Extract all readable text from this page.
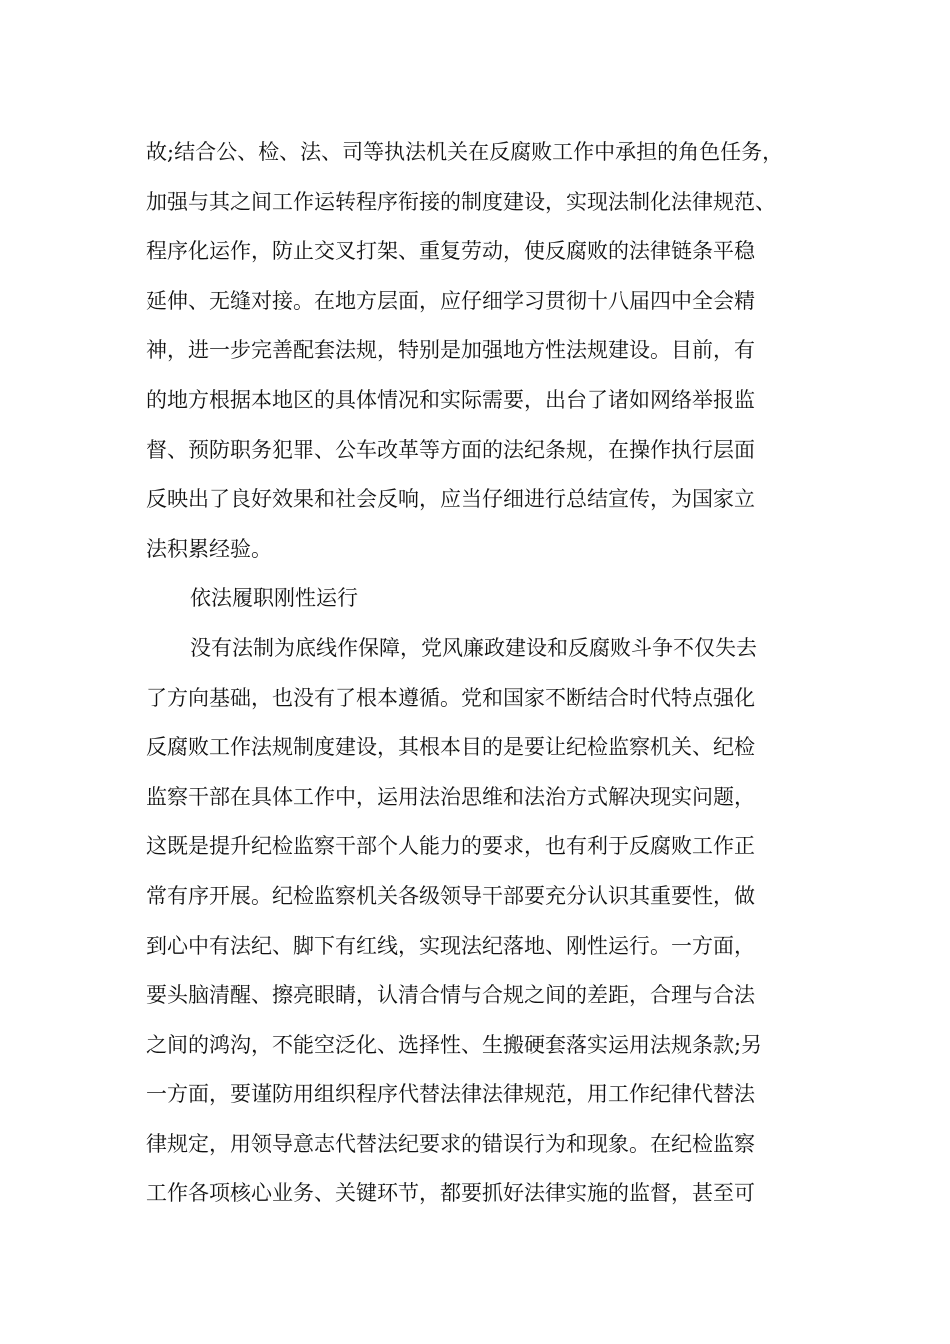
故;结合公、检、法、司等执法机关在反腐败工作中承担的角色任务，
加强与其之间工作运转程序衔接的制度建设，实现法制化法律规范、
程序化运作，防止交叉打架、重复劳动，使反腐败的法律链条平稳
延伸、无缝对接。在地方层面，应仔细学习贯彻十八届四中全会精
神，进一步完善配套法规，特别是加强地方性法规建设。目前，有
的地方根据本地区的具体情况和实际需要，出台了诸如网络举报监
督、预防职务犯罪、公车改革等方面的法纪条规，在操作执行层面
反映出了良好效果和社会反响，应当仔细进行总结宣传，为国家立
法积累经验。
依法履职刚性运行
没有法制为底线作保障，党风廉政建设和反腐败斗争不仅失去
了方向基础，也没有了根本遵循。党和国家不断结合时代特点强化
反腐败工作法规制度建设，其根本目的是要让纪检监察机关、纪检
监察干部在具体工作中，运用法治思维和法治方式解决现实问题，
这既是提升纪检监察干部个人能力的要求，也有利于反腐败工作正
常有序开展。纪检监察机关各级领导干部要充分认识其重要性，做
到心中有法纪、脚下有红线，实现法纪落地、刚性运行。一方面，
要头脑清醒、擦亮眼睛，认清合情与合规之间的差距，合理与合法
之间的鸿沟，不能空泛化、选择性、生搬硬套落实运用法规条款;另
一方面，要谨防用组织程序代替法律法律规范，用工作纪律代替法
律规定，用领导意志代替法纪要求的错误行为和现象。在纪检监察
工作各项核心业务、关键环节，都要抓好法律实施的监督，甚至可
